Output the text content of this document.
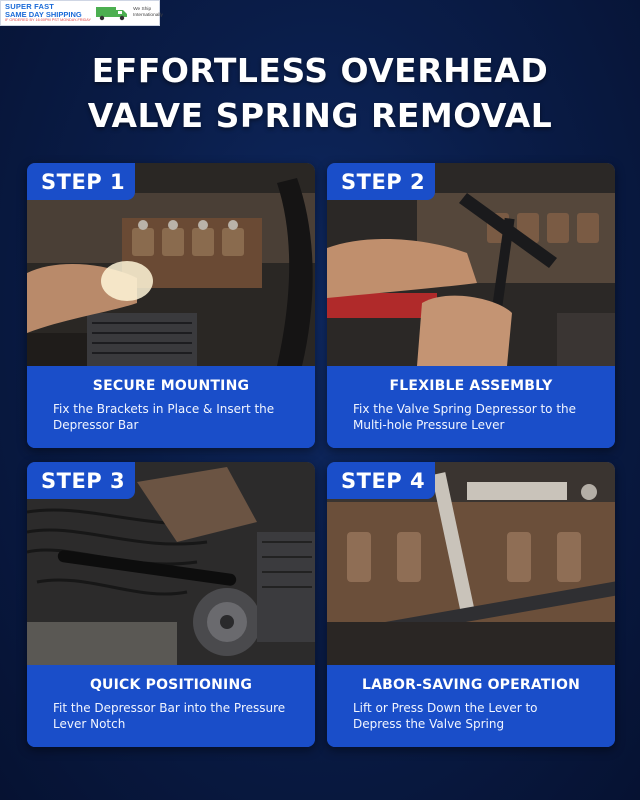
SUPER FAST
SAME DAY SHIPPING
IF ORDERED BY 16:00PM PST MONDAY-FRIDAY
We Ship
Internationally
EFFORTLESS OVERHEAD
VALVE SPRING REMOVAL
STEP 1
SECURE MOUNTING
Fix the Brackets in Place & Insert the Depressor Bar
STEP 2
FLEXIBLE ASSEMBLY
Fix the Valve Spring Depressor to the Multi-hole Pressure Lever
STEP 3
QUICK POSITIONING
Fit the Depressor Bar into the Pressure Lever Notch
STEP 4
LABOR-SAVING OPERATION
Lift or Press Down the Lever to Depress the Valve Spring
